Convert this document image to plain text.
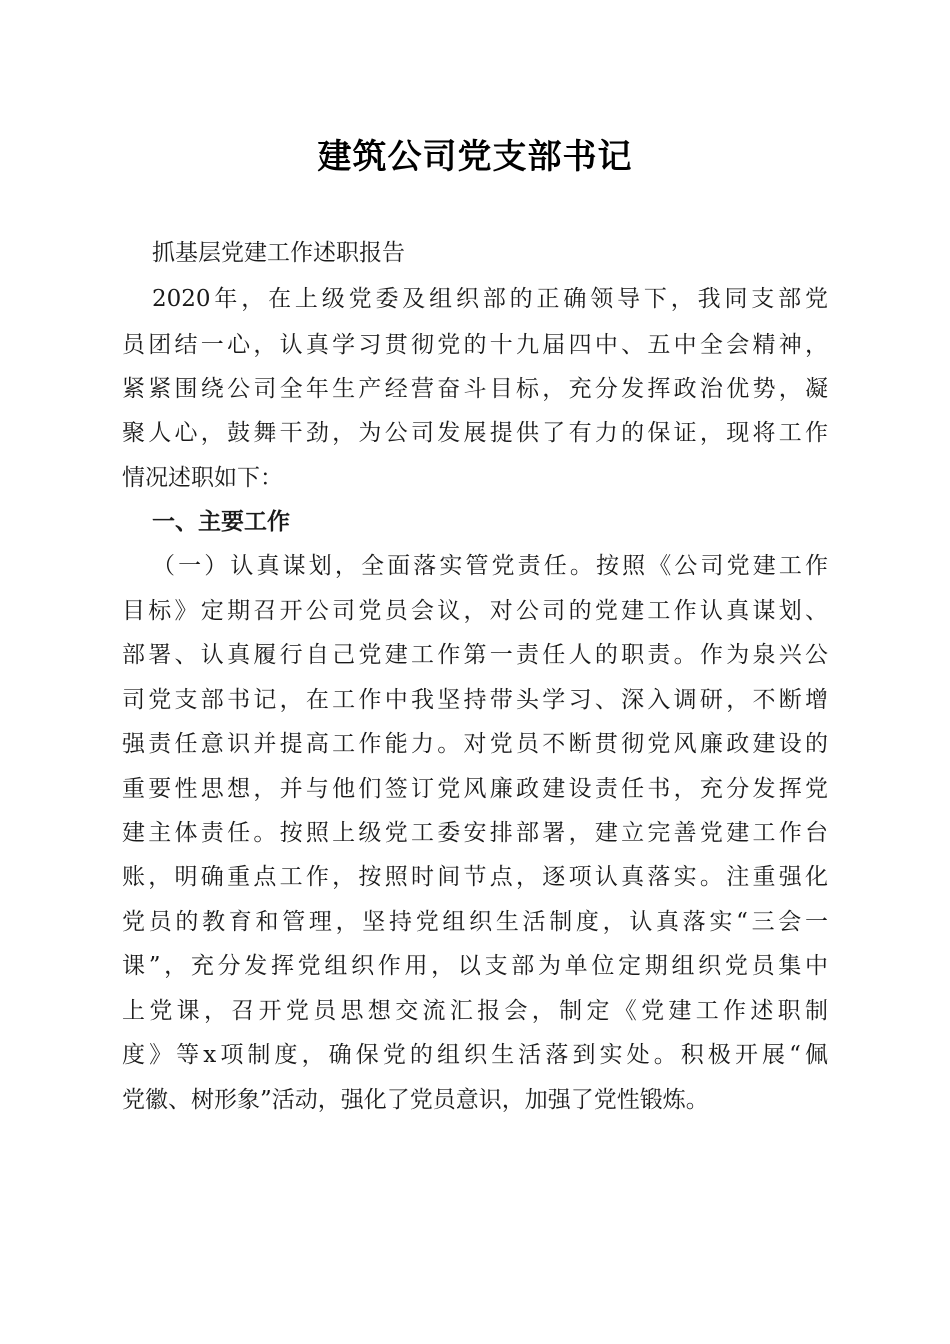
建筑公司党支部书记
抓基层党建工作述职报告
2020年，在上级党委及组织部的正确领导下，我同支部党
员团结一心，认真学习贯彻党的十九届四中、五中全会精神，
紧紧围绕公司全年生产经营奋斗目标，充分发挥政治优势，凝
聚人心，鼓舞干劲，为公司发展提供了有力的保证，现将工作
情况述职如下：
一、主要工作
（一）认真谋划，全面落实管党责任。按照《公司党建工作
目标》定期召开公司党员会议，对公司的党建工作认真谋划、
部署、认真履行自己党建工作第一责任人的职责。作为泉兴公
司党支部书记，在工作中我坚持带头学习、深入调研，不断增
强责任意识并提高工作能力。对党员不断贯彻党风廉政建设的
重要性思想，并与他们签订党风廉政建设责任书，充分发挥党
建主体责任。按照上级党工委安排部署，建立完善党建工作台
账，明确重点工作，按照时间节点，逐项认真落实。注重强化
党员的教育和管理，坚持党组织生活制度，认真落实“三会一
课”，充分发挥党组织作用，以支部为单位定期组织党员集中
上党课，召开党员思想交流汇报会，制定《党建工作述职制
度》等x项制度，确保党的组织生活落到实处。积极开展“佩
党徽、树形象”活动，强化了党员意识，加强了党性锻炼。
